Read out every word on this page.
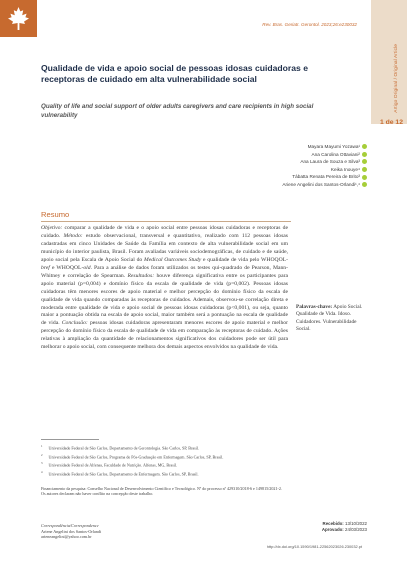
Rev. Bras. Geriatr. Gerontol. 2023;26:e230032
Artigo Original / Original Article
1 de 12
Qualidade de vida e apoio social de pessoas idosas cuidadoras e receptoras de cuidado em alta vulnerabilidade social
Quality of life and social support of older adults caregivers and care recipients in high social vulnerability
Mayara Mayumi Yozawa¹
Ana Carolina Ottaviani²
Ana Laura de Souza e Silva³
Keika Inouye⁴
Tábatta Renata Pereira de Brito³
Ariene Angelini dos Santos-Orlandi¹,⁴
Resumo
Objetivo: comparar a qualidade de vida e o apoio social entre pessoas idosas cuidadoras e receptoras de cuidado. Método: estudo observacional, transversal e quantitativo, realizado com 112 pessoas idosas cadastradas em cinco Unidades de Saúde da Família em contexto de alta vulnerabilidade social em um município do interior paulista, Brasil. Foram avaliadas variáveis sociodemográficas, de cuidado e de saúde, apoio social pela Escala de Apoio Social do Medical Outcomes Study e qualidade de vida pelo WHOQOL-bref e WHOQOL-old. Para a análise de dados foram utilizados os testes qui-quadrado de Pearson, Mann-Whitney e correlação de Spearman. Resultados: houve diferença significativa entre os participantes para apoio material (p=0,004) e domínio físico da escala de qualidade de vida (p=0,002). Pessoas idosas cuidadoras têm menores escores de apoio material e melhor percepção do domínio físico da escala de qualidade de vida quando comparadas às receptoras de cuidados. Ademais, observou-se correlação direta e moderada entre qualidade de vida e apoio social de pessoas idosas cuidadoras (p<0,001), ou seja, quanto maior a pontuação obtida na escala de apoio social, maior também será a pontuação na escala de qualidade de vida. Conclusão: pessoas idosas cuidadoras apresentaram menores escores de apoio material e melhor percepção do domínio físico da escala de qualidade de vida em comparação às receptoras de cuidado. Ações relativas à ampliação da quantidade de relacionamentos significativos dos cuidadores pode ser útil para melhorar o apoio social, com consequente melhora dos demais aspectos envolvidos na qualidade de vida.
Palavras-chave: Apoio Social. Qualidade de Vida. Idoso. Cuidadores. Vulnerabilidade Social.
$^1$ Universidade Federal de São Carlos, Departamento de Gerontologia. São Carlos, SP, Brasil.
$^2$ Universidade Federal de São Carlos, Programa de Pós-Graduação em Enfermagem. São Carlos, SP, Brasil.
$^3$ Universidade Federal de Alfenas, Faculdade de Nutrição. Alfenas, MG, Brasil.
$^4$ Universidade Federal de São Carlos, Departamento de Enfermagem. São Carlos, SP, Brasil.
Financiamento da pesquisa: Conselho Nacional de Desenvolvimento Científico e Tecnológico. Nº do processo nº 429310/2018-6 e 149815/2021-2.
Os autores declaram não haver conflito na concepção deste trabalho.
Correspondência/Correspondence
Ariene Angelini dos Santos-Orlandi
arieneangelini@yahoo.com.br
Recebido: 13/10/2022
Aprovado: 24/03/2023
http://dx.doi.org/10.1590/1981-22562023026.230032.pt
